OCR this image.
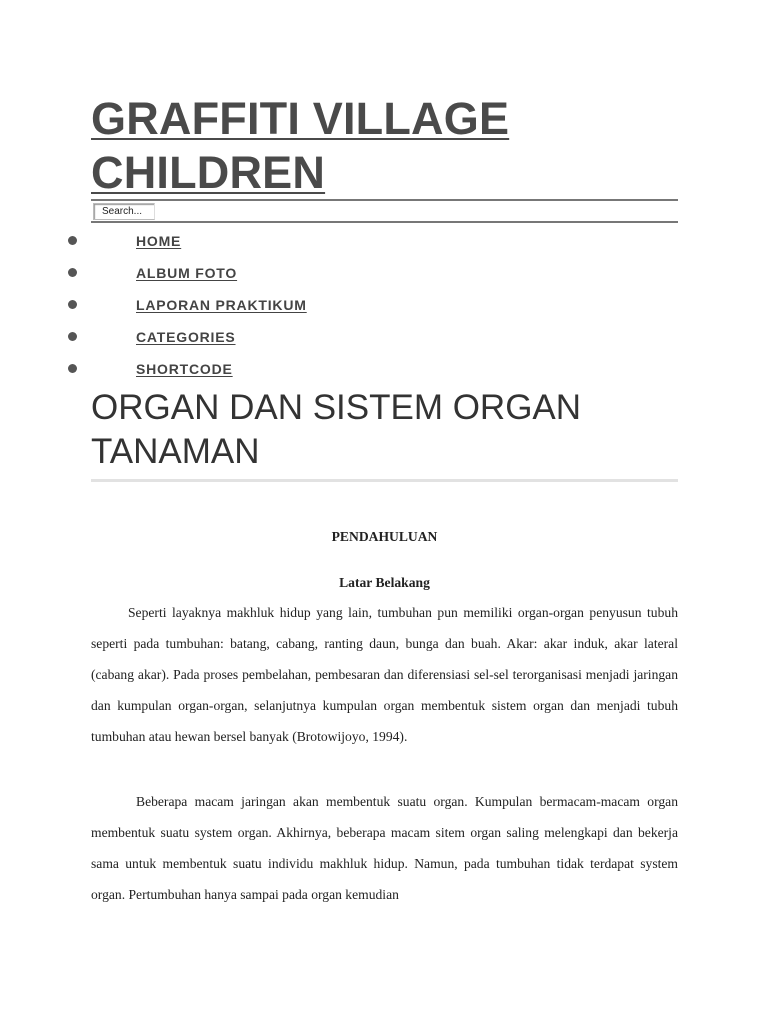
GRAFFITI VILLAGE CHILDREN
Search...
HOME
ALBUM FOTO
LAPORAN PRAKTIKUM
CATEGORIES
SHORTCODE
ORGAN DAN SISTEM ORGAN TANAMAN

PENDAHULUAN

Latar Belakang

Seperti layaknya makhluk hidup yang lain, tumbuhan pun memiliki organ-organ penyusun tubuh seperti pada tumbuhan: batang, cabang, ranting daun, bunga dan buah. Akar: akar induk, akar lateral (cabang akar). Pada proses pembelahan, pembesaran dan diferensiasi sel-sel terorganisasi menjadi jaringan dan kumpulan organ-organ, selanjutnya kumpulan organ membentuk sistem organ dan menjadi tubuh tumbuhan atau hewan bersel banyak (Brotowijoyo, 1994).

Beberapa macam jaringan akan membentuk suatu organ. Kumpulan bermacam-macam organ membentuk suatu system organ. Akhirnya, beberapa macam sitem organ saling melengkapi dan bekerja sama untuk membentuk suatu individu makhluk hidup. Namun, pada tumbuhan tidak terdapat system organ. Pertumbuhan hanya sampai pada organ kemudian
